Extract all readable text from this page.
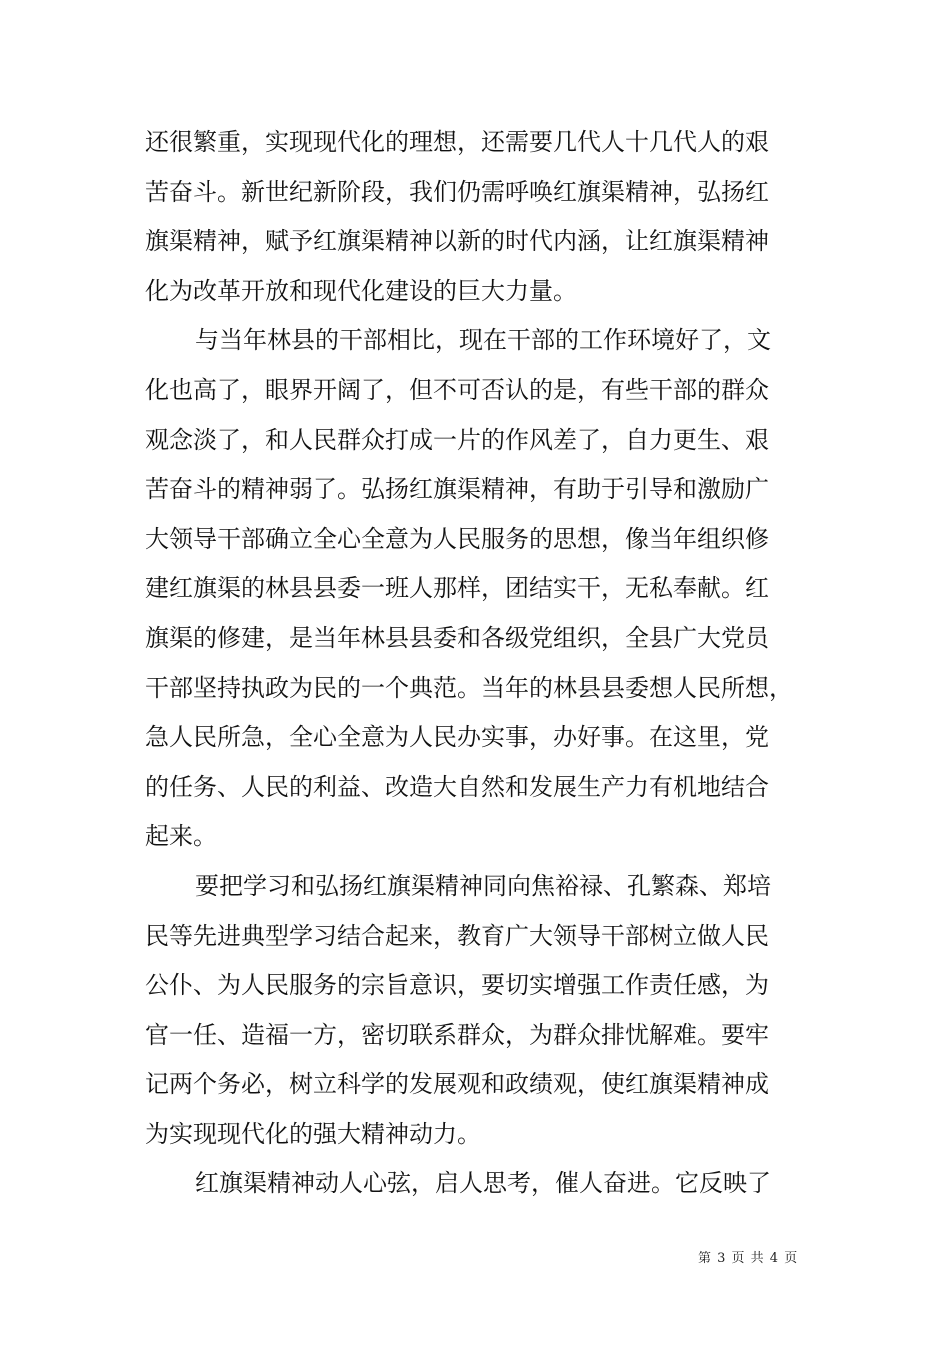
还很繁重，实现现代化的理想，还需要几代人十几代人的艰
苦奋斗。新世纪新阶段，我们仍需呼唤红旗渠精神，弘扬红
旗渠精神，赋予红旗渠精神以新的时代内涵，让红旗渠精神
化为改革开放和现代化建设的巨大力量。

与当年林县的干部相比，现在干部的工作环境好了，文
化也高了，眼界开阔了，但不可否认的是，有些干部的群众
观念淡了，和人民群众打成一片的作风差了，自力更生、艰
苦奋斗的精神弱了。弘扬红旗渠精神，有助于引导和激励广
大领导干部确立全心全意为人民服务的思想，像当年组织修
建红旗渠的林县县委一班人那样，团结实干，无私奉献。红
旗渠的修建，是当年林县县委和各级党组织，全县广大党员
干部坚持执政为民的一个典范。当年的林县县委想人民所想，
急人民所急，全心全意为人民办实事，办好事。在这里，党
的任务、人民的利益、改造大自然和发展生产力有机地结合
起来。

要把学习和弘扬红旗渠精神同向焦裕禄、孔繁森、郑培
民等先进典型学习结合起来，教育广大领导干部树立做人民
公仆、为人民服务的宗旨意识，要切实增强工作责任感，为
官一任、造福一方，密切联系群众，为群众排忧解难。要牢
记两个务必，树立科学的发展观和政绩观，使红旗渠精神成
为实现现代化的强大精神动力。

红旗渠精神动人心弦，启人思考，催人奋进。它反映了

第 3 页 共 4 页
